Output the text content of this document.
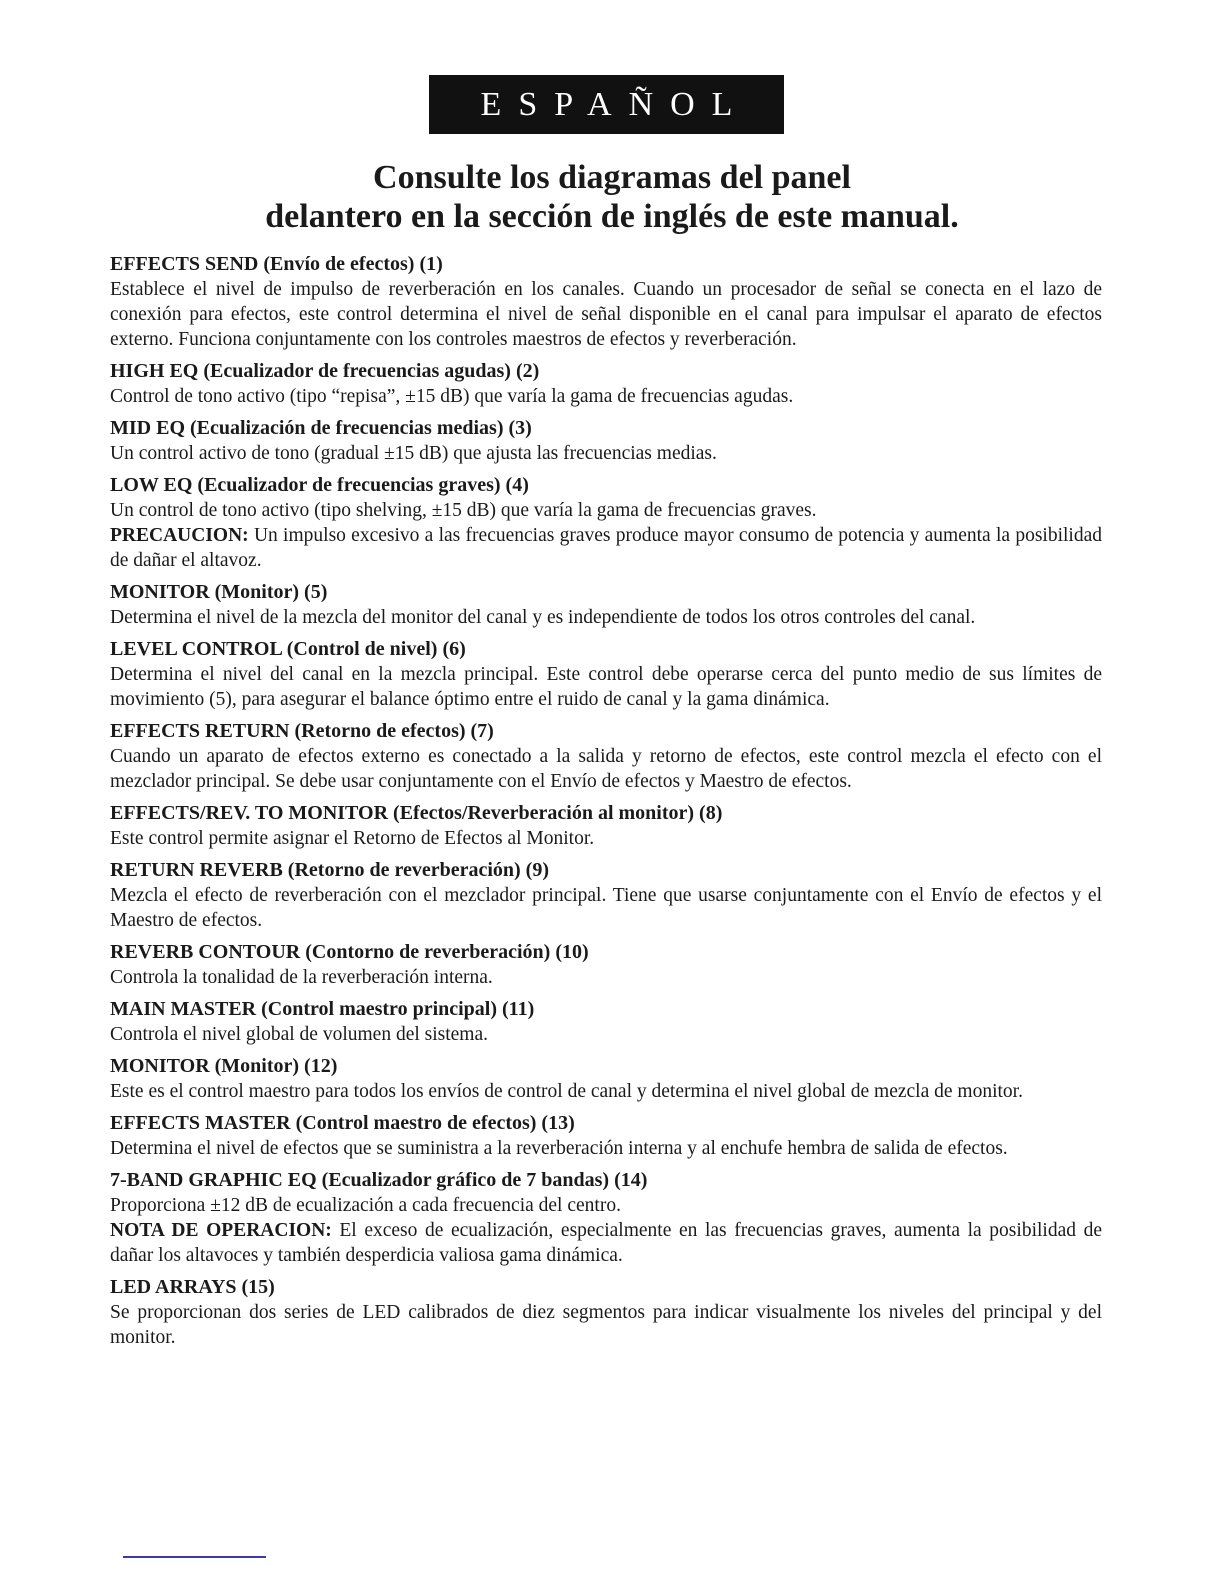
ESPAÑOL
Consulte los diagramas del panel
delantero en la sección de inglés de este manual.
EFFECTS SEND (Envío de efectos) (1)
Establece el nivel de impulso de reverberación en los canales. Cuando un procesador de señal se conecta en el lazo de conexión para efectos, este control determina el nivel de señal disponible en el canal para impulsar el aparato de efectos externo. Funciona conjuntamente con los controles maestros de efectos y reverberación.
HIGH EQ (Ecualizador de frecuencias agudas) (2)
Control de tono activo (tipo “repisa”, ±15 dB) que varía la gama de frecuencias agudas.
MID EQ (Ecualización de frecuencias medias) (3)
Un control activo de tono (gradual ±15 dB) que ajusta las frecuencias medias.
LOW EQ (Ecualizador de frecuencias graves) (4)
Un control de tono activo (tipo shelving, ±15 dB) que varía la gama de frecuencias graves.
PRECAUCION: Un impulso excesivo a las frecuencias graves produce mayor consumo de potencia y aumenta la posibilidad de dañar el altavoz.
MONITOR (Monitor) (5)
Determina el nivel de la mezcla del monitor del canal y es independiente de todos los otros controles del canal.
LEVEL CONTROL (Control de nivel) (6)
Determina el nivel del canal en la mezcla principal. Este control debe operarse cerca del punto medio de sus límites de movimiento (5), para asegurar el balance óptimo entre el ruido de canal y la gama dinámica.
EFFECTS RETURN (Retorno de efectos) (7)
Cuando un aparato de efectos externo es conectado a la salida y retorno de efectos, este control mezcla el efecto con el mezclador principal. Se debe usar conjuntamente con el Envío de efectos y Maestro de efectos.
EFFECTS/REV. TO MONITOR (Efectos/Reverberación al monitor) (8)
Este control permite asignar el Retorno de Efectos al Monitor.
RETURN REVERB (Retorno de reverberación) (9)
Mezcla el efecto de reverberación con el mezclador principal. Tiene que usarse conjuntamente con el Envío de efectos y el Maestro de efectos.
REVERB CONTOUR (Contorno de reverberación) (10)
Controla la tonalidad de la reverberación interna.
MAIN MASTER (Control maestro principal) (11)
Controla el nivel global de volumen del sistema.
MONITOR (Monitor) (12)
Este es el control maestro para todos los envíos de control de canal y determina el nivel global de mezcla de monitor.
EFFECTS MASTER (Control maestro de efectos) (13)
Determina el nivel de efectos que se suministra a la reverberación interna y al enchufe hembra de salida de efectos.
7-BAND GRAPHIC EQ (Ecualizador gráfico de 7 bandas) (14)
Proporciona ±12 dB de ecualización a cada frecuencia del centro.
NOTA DE OPERACION: El exceso de ecualización, especialmente en las frecuencias graves, aumenta la posibilidad de dañar los altavoces y también desperdicia valiosa gama dinámica.
LED ARRAYS (15)
Se proporcionan dos series de LED calibrados de diez segmentos para indicar visualmente los niveles del principal y del monitor.
